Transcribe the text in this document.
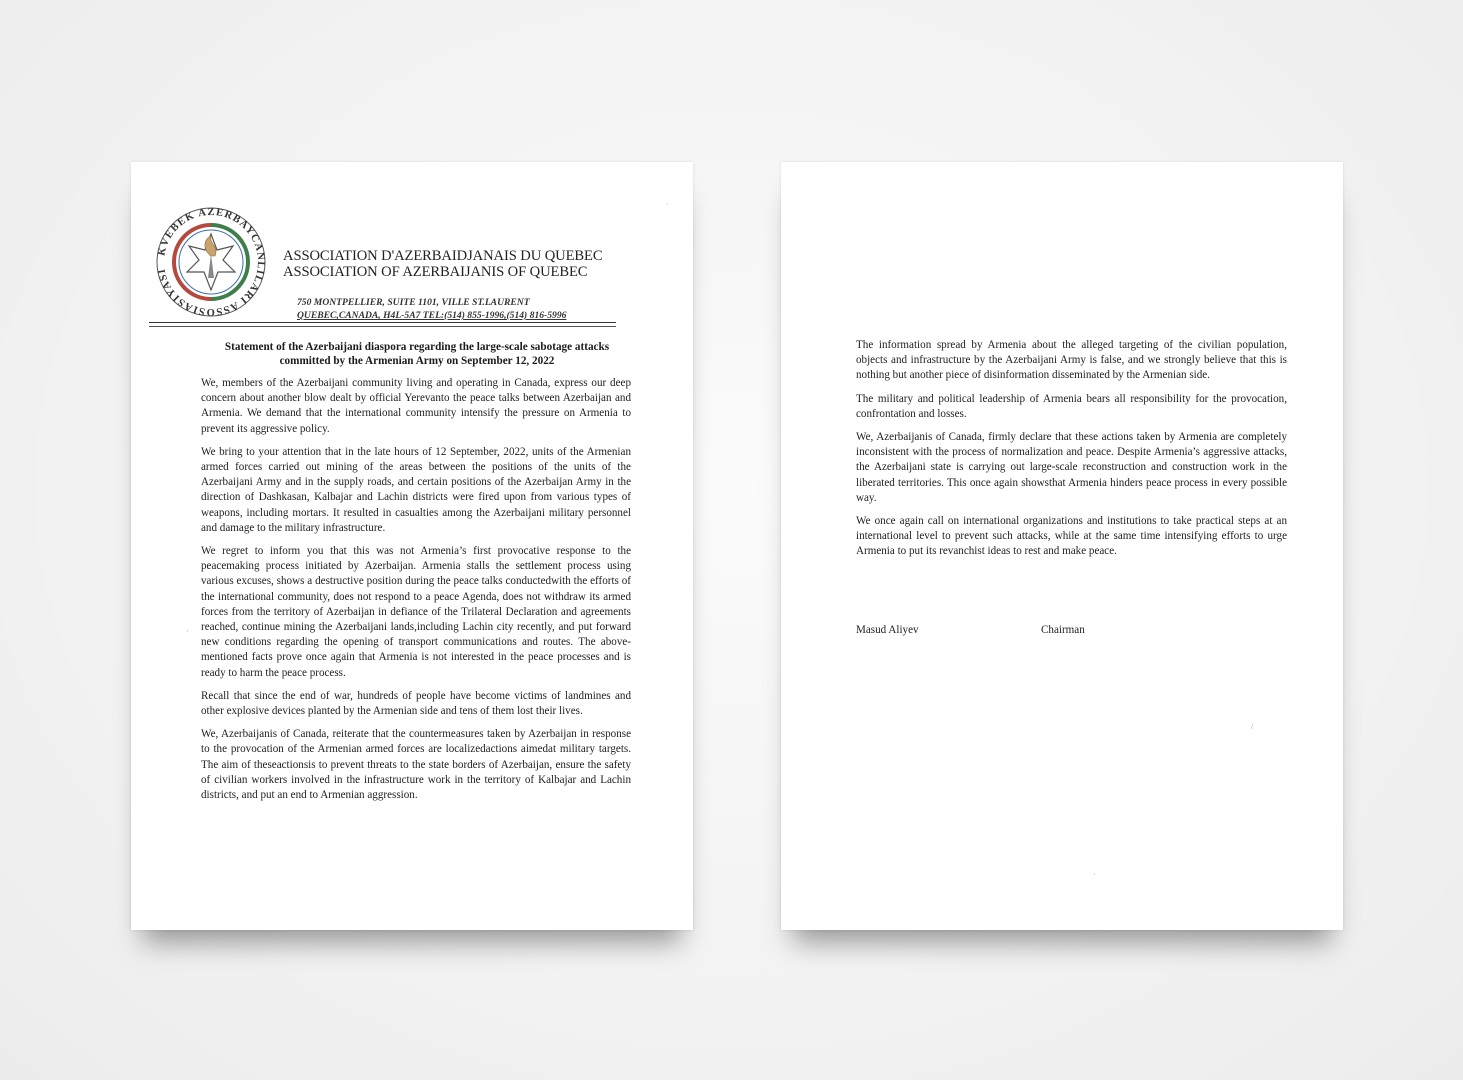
KVEBEK AZERBAYCANLILARI ASSOSIASIYASI
ASSOCIATION D'AZERBAIDJANAIS DU QUEBEC
ASSOCIATION OF AZERBAIJANIS OF QUEBEC
750 MONTPELLIER, SUITE 1101, VILLE ST.LAURENT
QUEBEC,CANADA, H4L-5A7 TEL:(514) 855-1996,(514) 816-5996
Statement of the Azerbaijani diaspora regarding the large-scale sabotage attacks committed by the Armenian Army on September 12, 2022

We, members of the Azerbaijani community living and operating in Canada, express our deep concern about another blow dealt by official Yerevanto the peace talks between Azerbaijan and Armenia. We demand that the international community intensify the pressure on Armenia to prevent its aggressive policy.

We bring to your attention that in the late hours of 12 September, 2022, units of the Armenian armed forces carried out mining of the areas between the positions of the units of the Azerbaijani Army and in the supply roads, and certain positions of the Azerbaijan Army in the direction of Dashkasan, Kalbajar and Lachin districts were fired upon from various types of weapons, including mortars. It resulted in casualties among the Azerbaijani military personnel and damage to the military infrastructure.

We regret to inform you that this was not Armenia’s first provocative response to the peacemaking process initiated by Azerbaijan. Armenia stalls the settlement process using various excuses, shows a destructive position during the peace talks conductedwith the efforts of the international community, does not respond to a peace Agenda, does not withdraw its armed forces from the territory of Azerbaijan in defiance of the Trilateral Declaration and agreements reached, continue mining the Azerbaijani lands,including Lachin city recently, and put forward new conditions regarding the opening of transport communications and routes. The above-mentioned facts prove once again that Armenia is not interested in the peace processes and is ready to harm the peace process.

Recall that since the end of war, hundreds of people have become victims of landmines and other explosive devices planted by the Armenian side and tens of them lost their lives.

We, Azerbaijanis of Canada, reiterate that the countermeasures taken by Azerbaijan in response to the provocation of the Armenian armed forces are localizedactions aimedat military targets. The aim of theseactionsis to prevent threats to the state borders of Azerbaijan, ensure the safety of civilian workers involved in the infrastructure work in the territory of Kalbajar and Lachin districts, and put an end to Armenian aggression.

·
·

The information spread by Armenia about the alleged targeting of the civilian population, objects and infrastructure by the Azerbaijani Army is false, and we strongly believe that this is nothing but another piece of disinformation disseminated by the Armenian side.

The military and political leadership of Armenia bears all responsibility for the provocation, confrontation and losses.

We, Azerbaijanis of Canada, firmly declare that these actions taken by Armenia are completely inconsistent with the process of normalization and peace. Despite Armenia’s aggressive attacks, the Azerbaijani state is carrying out large-scale reconstruction and construction work in the liberated territories. This once again showsthat Armenia hinders peace process in every possible way.

We once again call on international organizations and institutions to take practical steps at an international level to prevent such attacks, while at the same time intensifying efforts to urge Armenia to put its revanchist ideas to rest and make peace.

Masud Aliyev	Chairman
/
·
